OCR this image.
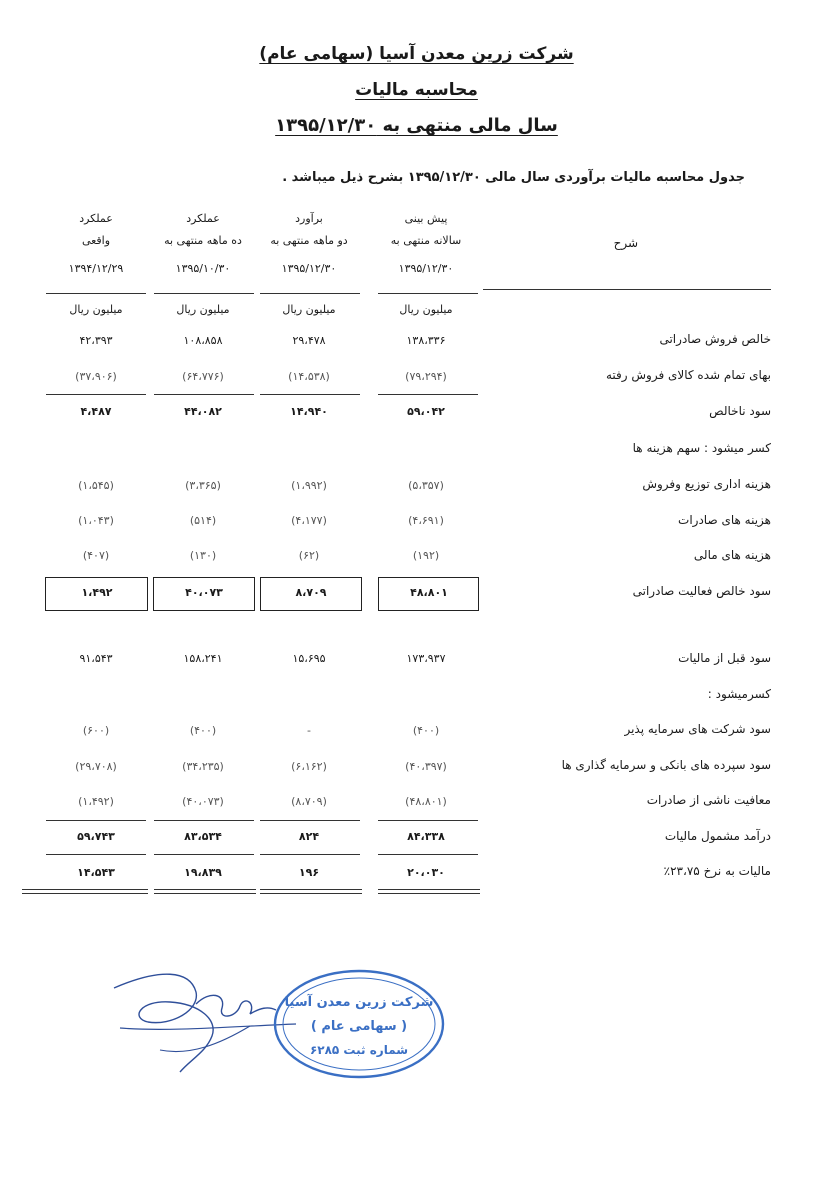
شرکت زرین معدن آسیا (سهامی عام)
محاسبه مالیات
سال مالی منتهی به ۱۳۹۵/۱۲/۳۰
جدول محاسبه مالیات برآوردی سال مالی ۱۳۹۵/۱۲/۳۰ بشرح ذیل میباشد .
پیش بینی
سالانه منتهی به
۱۳۹۵/۱۲/۳۰
برآورد
دو ماهه منتهی به
۱۳۹۵/۱۲/۳۰
عملکرد
ده ماهه منتهی به
۱۳۹۵/۱۰/۳۰
عملکرد
واقعی
۱۳۹۴/۱۲/۲۹
شرح
میلیون ریال
میلیون ریال
میلیون ریال
میلیون ریال
خالص فروش صادراتی
بهای تمام شده کالای فروش رفته
سود ناخالص
کسر میشود : سهم هزینه ها
هزینه اداری توزیع وفروش
هزینه های صادرات
هزینه های مالی
سود خالص فعالیت صادراتی
سود قبل از مالیات
کسرمیشود :
سود شرکت های سرمایه پذیر
سود سپرده های بانکی و سرمایه گذاری ها
معافیت ناشی از صادرات
درآمد مشمول مالیات
مالیات به نرخ ۲۳،۷۵٪
۱۳۸،۳۳۶
۲۹،۴۷۸
۱۰۸،۸۵۸
۴۲،۳۹۳
(۷۹،۲۹۴)
(۱۴،۵۳۸)
(۶۴،۷۷۶)
(۳۷،۹۰۶)
۵۹،۰۴۲
۱۴،۹۴۰
۴۴،۰۸۲
۴،۴۸۷
(۵،۳۵۷)
(۱،۹۹۲)
(۳،۳۶۵)
(۱،۵۴۵)
(۴،۶۹۱)
(۴،۱۷۷)
(۵۱۴)
(۱،۰۴۳)
(۱۹۲)
(۶۲)
(۱۳۰)
(۴۰۷)
۴۸،۸۰۱
۸،۷۰۹
۴۰،۰۷۳
۱،۴۹۲
۱۷۳،۹۳۷
۱۵،۶۹۵
۱۵۸،۲۴۱
۹۱،۵۴۳
(۴۰۰)
-
(۴۰۰)
(۶۰۰)
(۴۰،۳۹۷)
(۶،۱۶۲)
(۳۴،۲۳۵)
(۲۹،۷۰۸)
(۴۸،۸۰۱)
(۸،۷۰۹)
(۴۰،۰۷۳)
(۱،۴۹۲)
۸۴،۳۳۸
۸۲۴
۸۳،۵۳۴
۵۹،۷۴۳
۲۰،۰۳۰
۱۹۶
۱۹،۸۳۹
۱۴،۵۴۳
شرکت زرین معدن آسیا
( سهامی عام )
شماره ثبت ۶۲۸۵
